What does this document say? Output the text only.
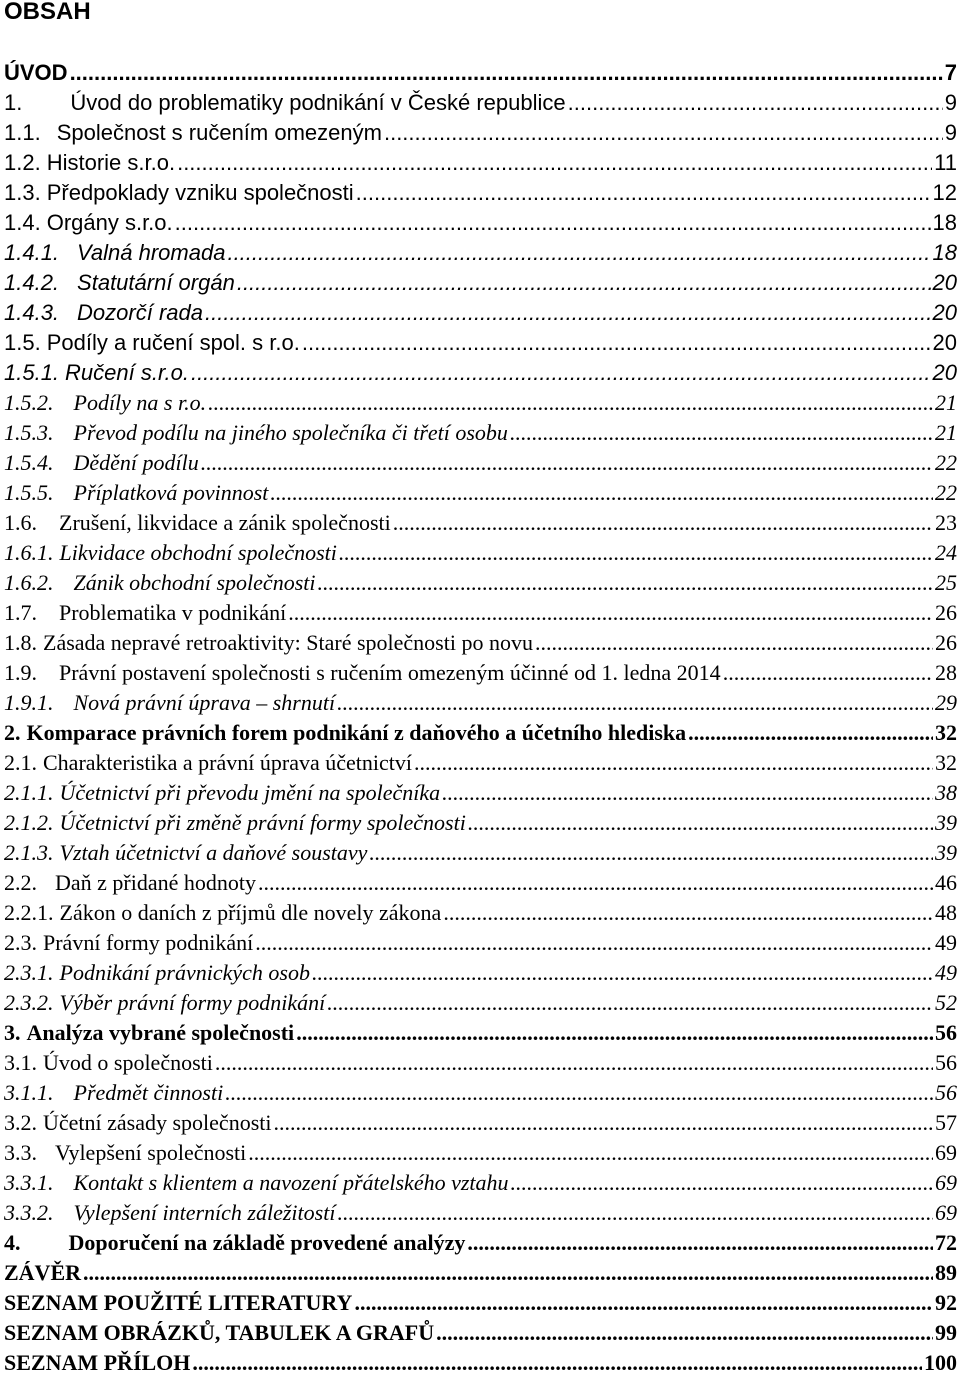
OBSAH
ÚVOD .....	7
1. Úvod do problematiky podnikání v České republice .....	9
1.1. Společnost s ručením omezeným .....	9
1.2. Historie s.r.o. .....	11
1.3. Předpoklady vzniku společnosti .....	12
1.4. Orgány s.r.o. .....	18
1.4.1. Valná hromada .....	18
1.4.2. Statutární orgán .....	20
1.4.3. Dozorčí rada .....	20
1.5. Podíly a ručení spol. s r.o. .....	20
1.5.1. Ručení s.r.o. .....	20
1.5.2. Podíly na s r.o. .....	21
1.5.3. Převod podílu na jiného společníka či třetí osobu .....	21
1.5.4. Dědění podílu .....	22
1.5.5. Příplatková povinnost .....	22
1.6. Zrušení, likvidace a zánik společnosti .....	23
1.6.1. Likvidace obchodní společnosti .....	24
1.6.2. Zánik obchodní společnosti .....	25
1.7. Problematika v podnikání .....	26
1.8. Zásada nepravé retroaktivity: Staré společnosti po novu .....	26
1.9. Právní postavení společnosti s ručením omezeným účinné od 1. ledna 2014 .....	28
1.9.1. Nová právní úprava – shrnutí .....	29
2. Komparace právních forem podnikání z daňového a účetního hlediska .....	32
2.1. Charakteristika a právní úprava účetnictví .....	32
2.1.1. Účetnictví při převodu jmění na společníka .....	38
2.1.2. Účetnictví při změně právní formy společnosti .....	39
2.1.3. Vztah účetnictví a daňové soustavy .....	39
2.2. Daň z přidané hodnoty .....	46
2.2.1. Zákon o daních z příjmů dle novely zákona .....	48
2.3. Právní formy podnikání .....	49
2.3.1. Podnikání právnických osob .....	49
2.3.2. Výběr právní formy podnikání .....	52
3. Analýza vybrané společnosti .....	56
3.1. Úvod o společnosti .....	56
3.1.1. Předmět činnosti .....	56
3.2. Účetní zásady společnosti .....	57
3.3. Vylepšení společnosti .....	69
3.3.1. Kontakt s klientem a navození přátelského vztahu .....	69
3.3.2. Vylepšení interních záležitostí .....	69
4. Doporučení na základě provedené analýzy .....	72
ZÁVĚR .....	89
SEZNAM POUŽITÉ LITERATURY .....	92
SEZNAM OBRÁZKŮ, TABULEK A GRAFŮ .....	99
SEZNAM PŘÍLOH .....	100
